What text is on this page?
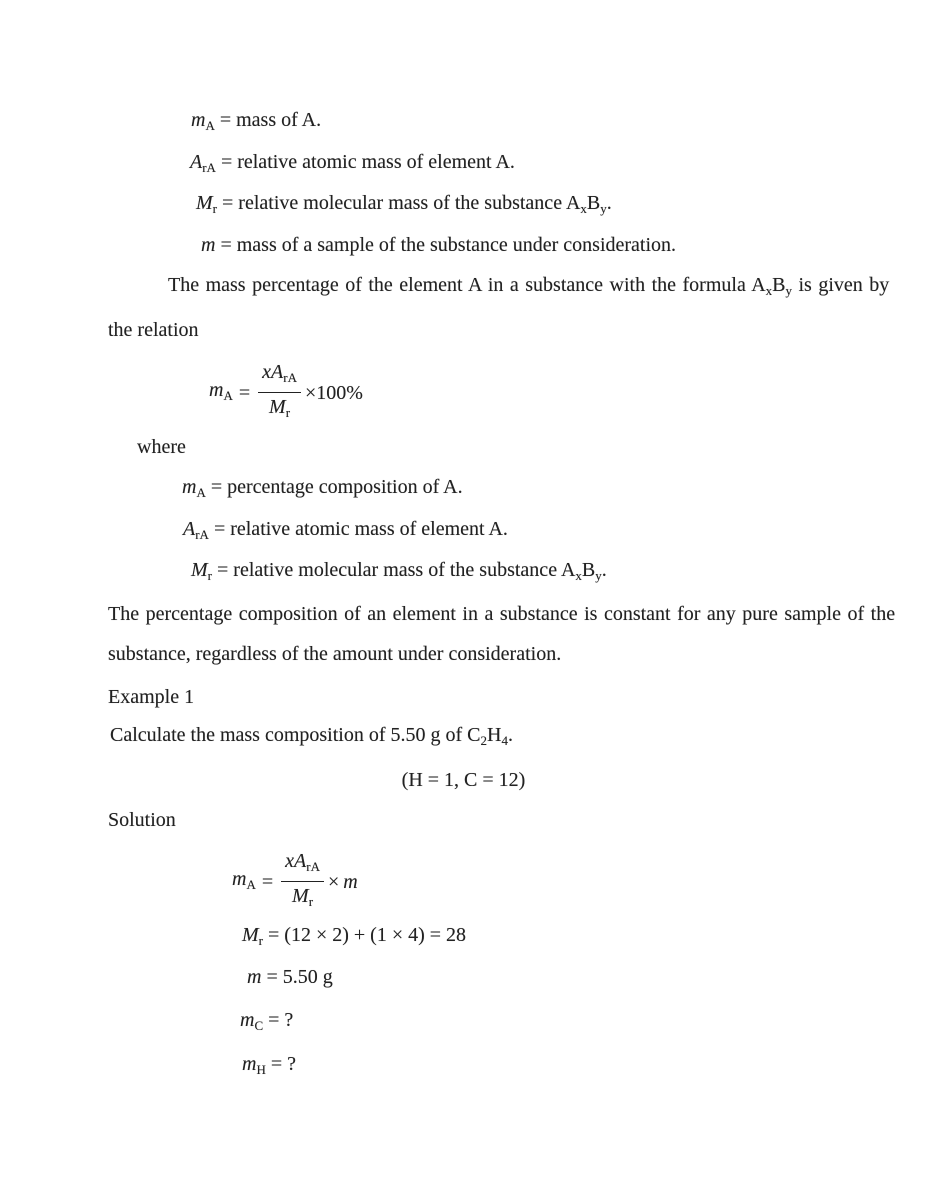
$m_A$ = mass of A.
$A_{rA}$ = relative atomic mass of element A.
$M_r$ = relative molecular mass of the substance $A_xB_y$.
m = mass of a sample of the substance under consideration.
The mass percentage of the element A in a substance with the formula $A_xB_y$ is given by
the relation
$m_A = \frac{xA_{rA}}{M_r} \times 100\%$
where
$m_A$ = percentage composition of A.
$A_{rA}$ = relative atomic mass of element A.
$M_r$ = relative molecular mass of the substance $A_xB_y$.
The percentage composition of an element in a substance is constant for any pure sample of the
substance, regardless of the amount under consideration.
Example 1
Calculate the mass composition of 5.50 g of $C_2H_4$.
(H = 1, C = 12)
Solution
$m_A = \frac{xA_{rA}}{M_r} \times m$
$M_r = (12 \times 2) + (1 \times 4) = 28$
m = 5.50 g
$m_C$ = ?
$m_H$ = ?
